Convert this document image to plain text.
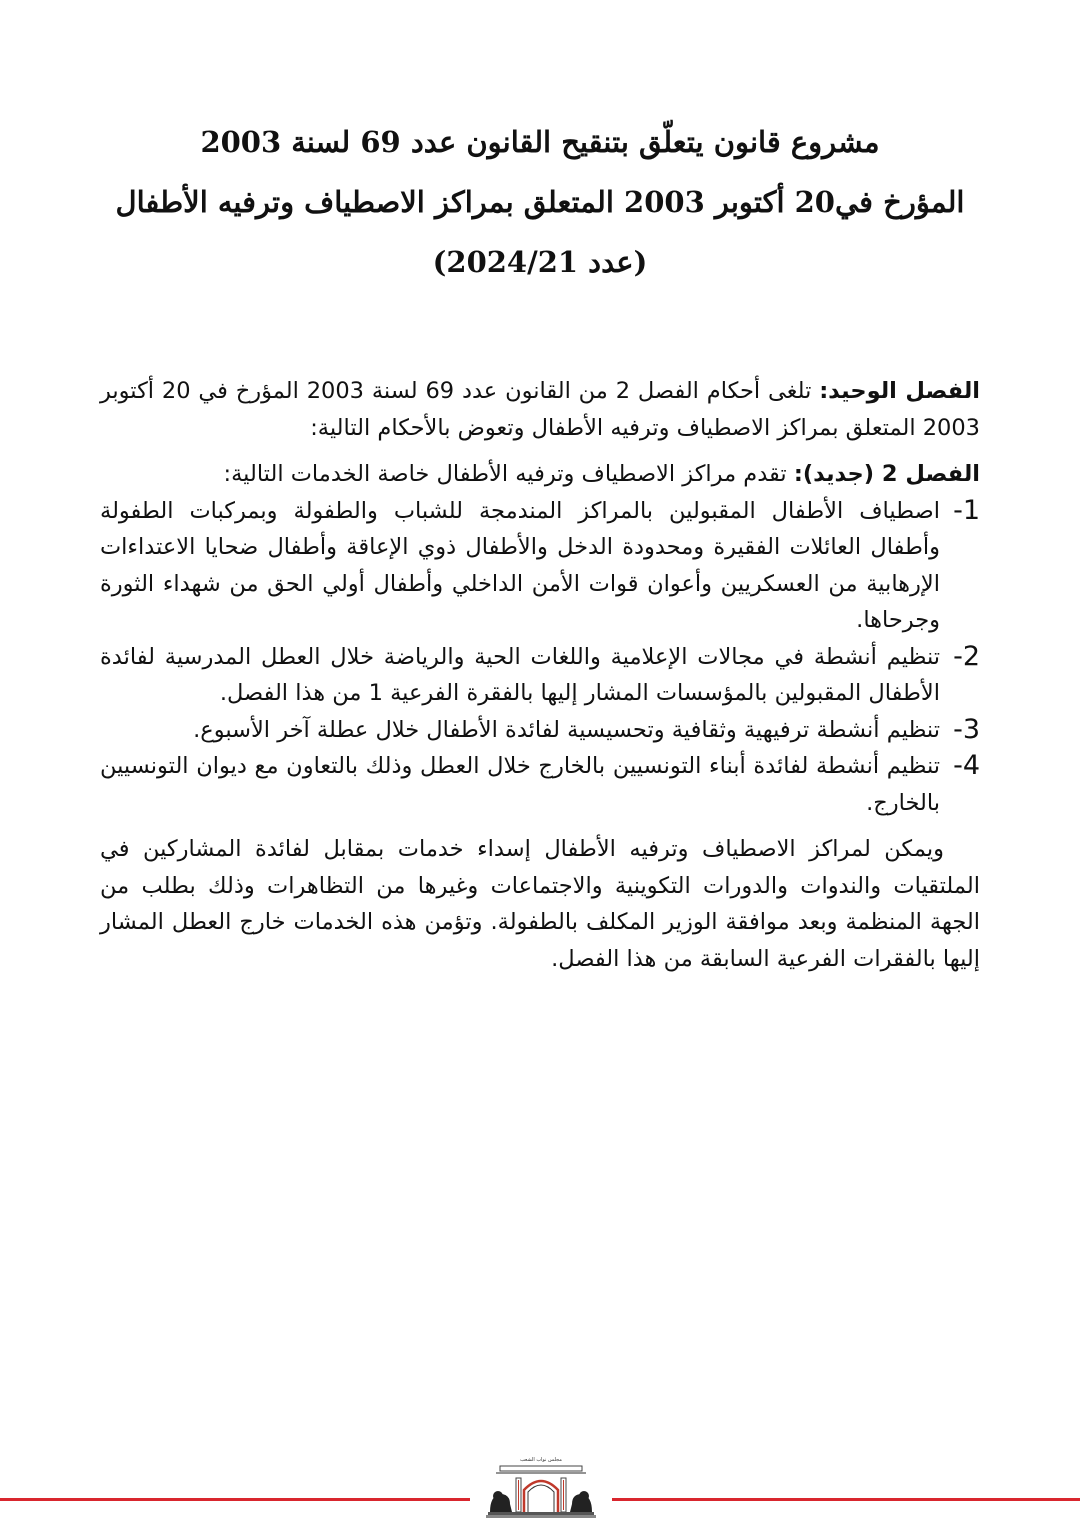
مشروع قانون يتعلّق بتنقيح القانون عدد 69 لسنة 2003
المؤرخ في20 أكتوبر 2003 المتعلق بمراكز الاصطياف وترفيه الأطفال
(عدد 2024/21)

الفصل الوحيد: تلغى أحكام الفصل 2 من القانون عدد 69 لسنة 2003 المؤرخ في 20 أكتوبر 2003 المتعلق بمراكز الاصطياف وترفيه الأطفال وتعوض بالأحكام التالية:

الفصل 2 (جديد): تقدم مراكز الاصطياف وترفيه الأطفال خاصة الخدمات التالية:

1-
اصطياف الأطفال المقبولين بالمراكز المندمجة للشباب والطفولة وبمركبات الطفولة وأطفال العائلات الفقيرة ومحدودة الدخل والأطفال ذوي الإعاقة وأطفال ضحايا الاعتداءات الإرهابية من العسكريين وأعوان قوات الأمن الداخلي وأطفال أولي الحق من شهداء الثورة وجرحاها.
2-
تنظيم أنشطة في مجالات الإعلامية واللغات الحية والرياضة خلال العطل المدرسية لفائدة الأطفال المقبولين بالمؤسسات المشار إليها بالفقرة الفرعية 1 من هذا الفصل.
3-
تنظيم أنشطة ترفيهية وثقافية وتحسيسية لفائدة الأطفال خلال عطلة آخر الأسبوع.
4-
تنظيم أنشطة لفائدة أبناء التونسيين بالخارج خلال العطل وذلك بالتعاون مع ديوان التونسيين بالخارج.

ويمكن لمراكز الاصطياف وترفيه الأطفال إسداء خدمات بمقابل لفائدة المشاركين في الملتقيات والندوات والدورات التكوينية والاجتماعات وغيرها من التظاهرات وذلك بطلب من الجهة المنظمة وبعد موافقة الوزير المكلف بالطفولة. وتؤمن هذه الخدمات خارج العطل المشار إليها بالفقرات الفرعية السابقة من هذا الفصل.

مجلس نواب الشعب
